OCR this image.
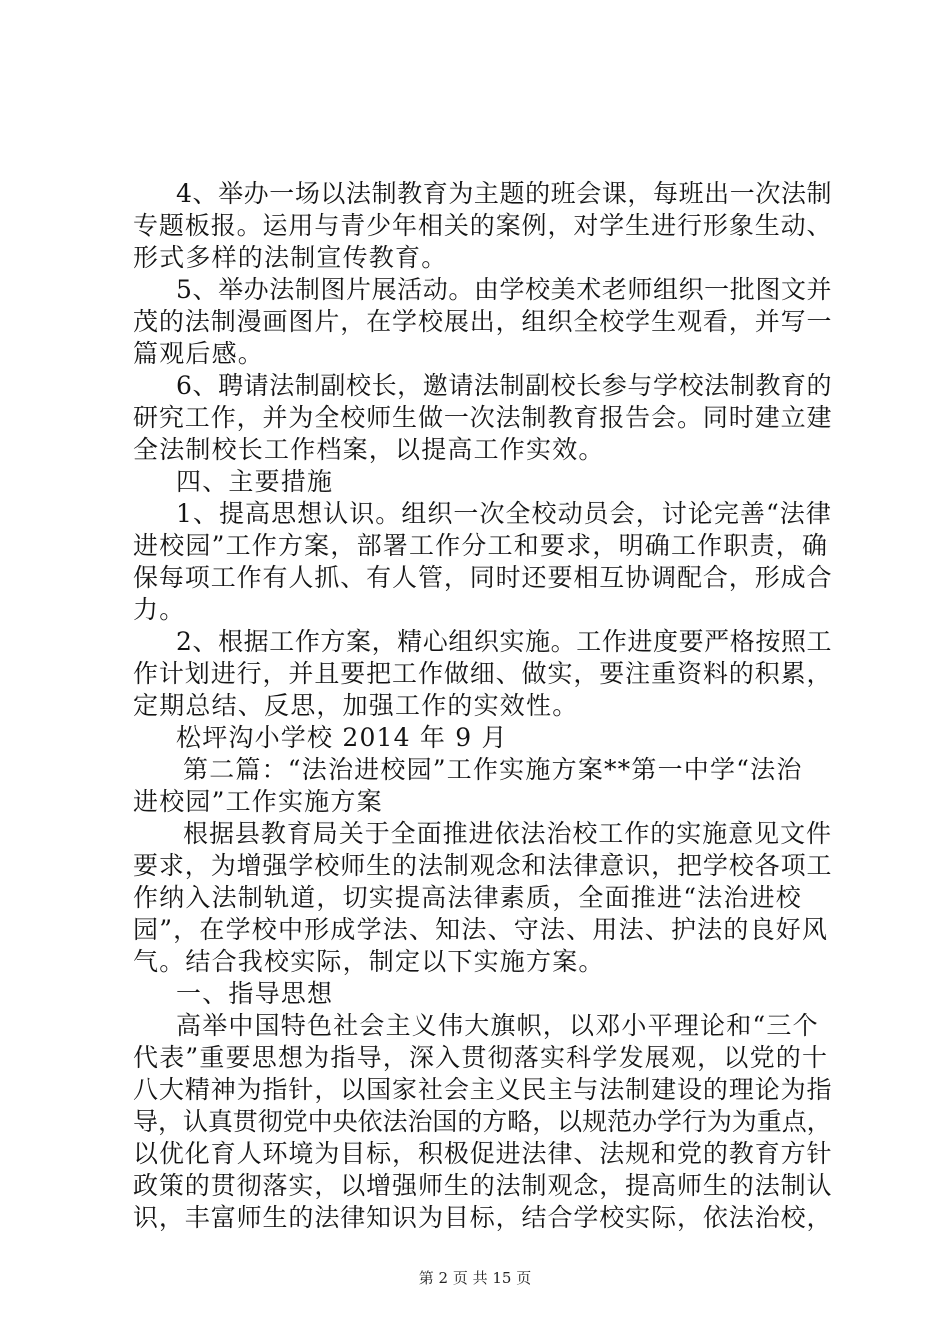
4、举办一场以法制教育为主题的班会课，每班出一次法制
专题板报。运用与青少年相关的案例，对学生进行形象生动、
形式多样的法制宣传教育。
5、举办法制图片展活动。由学校美术老师组织一批图文并
茂的法制漫画图片，在学校展出，组织全校学生观看，并写一
篇观后感。
6、聘请法制副校长，邀请法制副校长参与学校法制教育的
研究工作，并为全校师生做一次法制教育报告会。同时建立建
全法制校长工作档案，以提高工作实效。
四、主要措施
1、提高思想认识。组织一次全校动员会，讨论完善“法律
进校园”工作方案，部署工作分工和要求，明确工作职责，确
保每项工作有人抓、有人管，同时还要相互协调配合，形成合
力。
2、根据工作方案，精心组织实施。工作进度要严格按照工
作计划进行，并且要把工作做细、做实，要注重资料的积累，
定期总结、反思，加强工作的实效性。
松坪沟小学校 2014 年 9 月
第二篇：“法治进校园”工作实施方案**第一中学“法治
进校园”工作实施方案
根据县教育局关于全面推进依法治校工作的实施意见文件
要求，为增强学校师生的法制观念和法律意识，把学校各项工
作纳入法制轨道，切实提高法律素质，全面推进“法治进校
园”，在学校中形成学法、知法、守法、用法、护法的良好风
气。结合我校实际，制定以下实施方案。
一、指导思想
高举中国特色社会主义伟大旗帜，以邓小平理论和“三个
代表”重要思想为指导，深入贯彻落实科学发展观，以党的十
八大精神为指针，以国家社会主义民主与法制建设的理论为指
导，认真贯彻党中央依法治国的方略，以规范办学行为为重点，
以优化育人环境为目标，积极促进法律、法规和党的教育方针
政策的贯彻落实，以增强师生的法制观念，提高师生的法制认
识，丰富师生的法律知识为目标，结合学校实际，依法治校，
第 2 页 共 15 页
